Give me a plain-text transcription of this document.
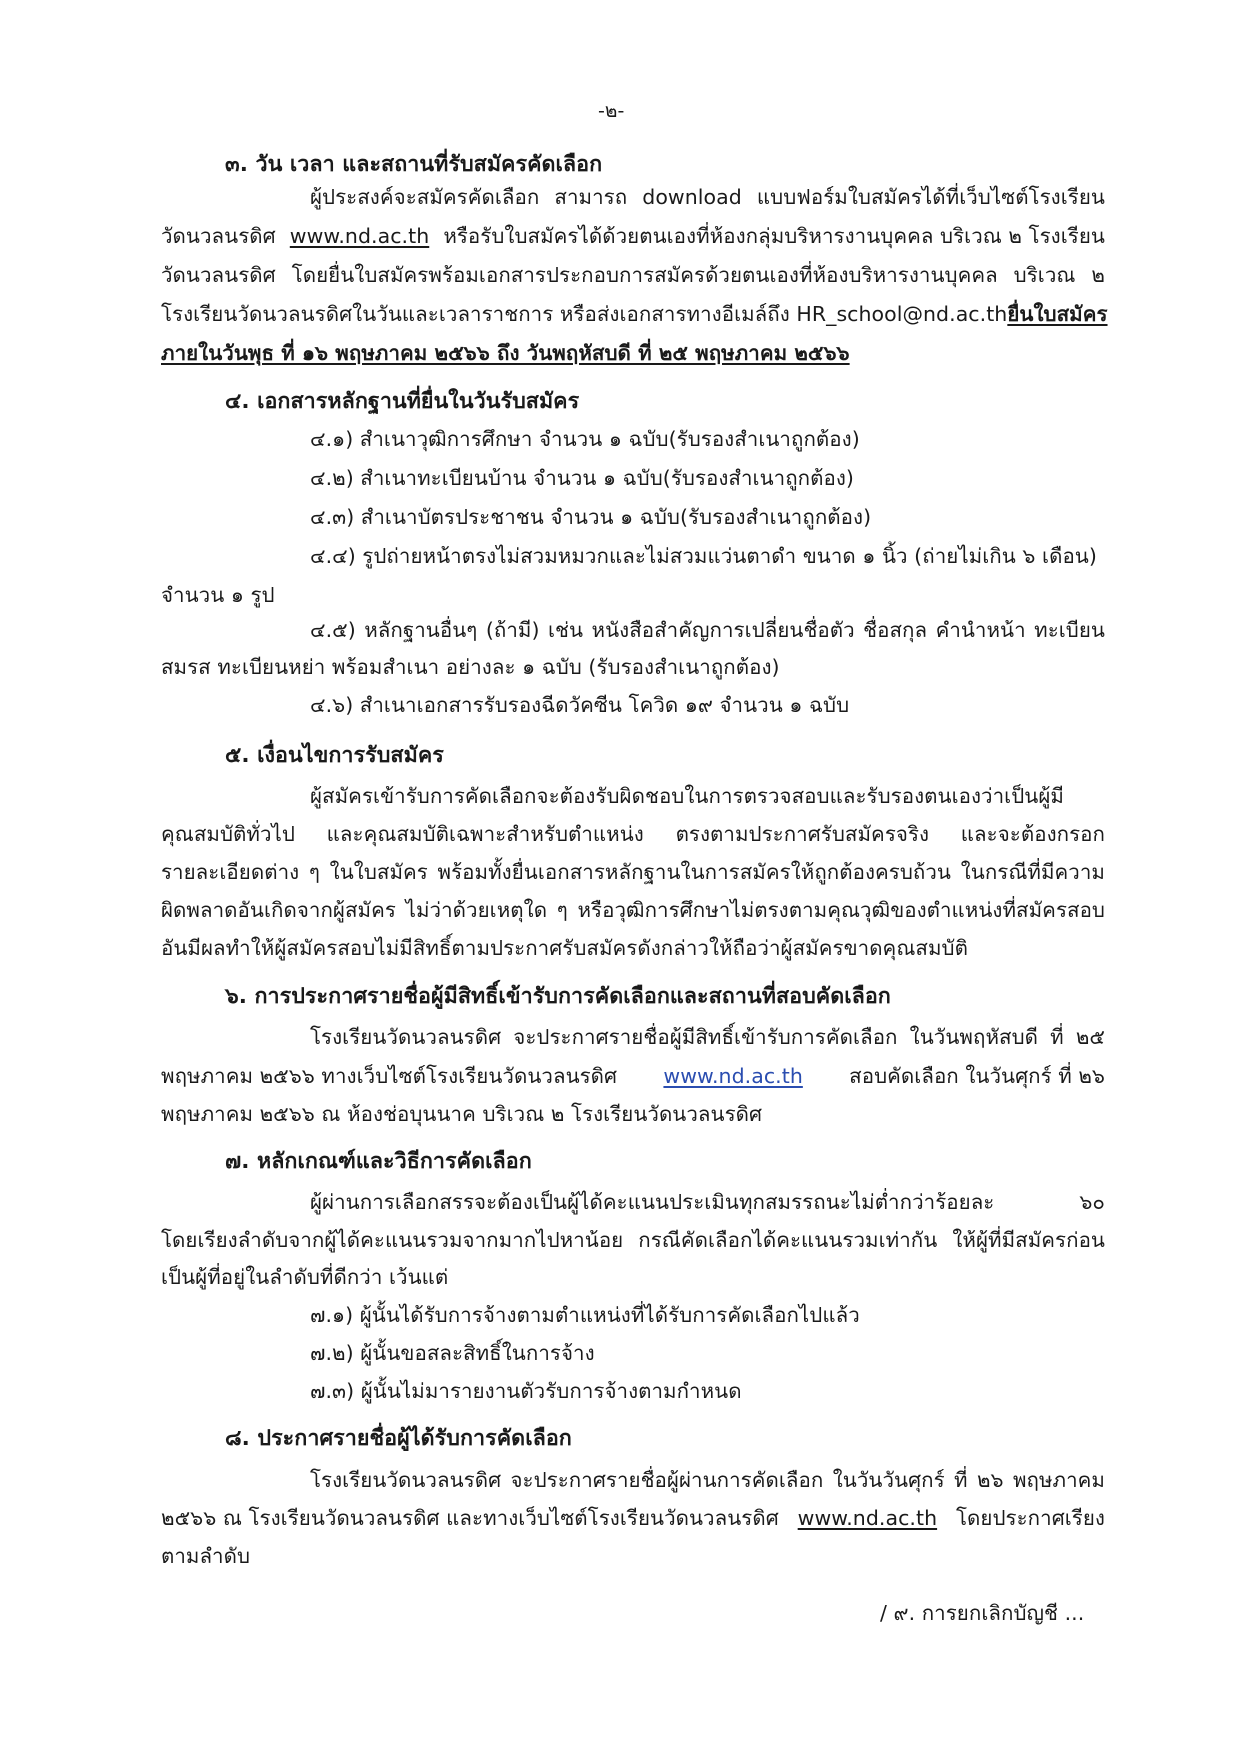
-๒-
๓. วัน เวลา และสถานที่รับสมัครคัดเลือก
ผู้ประสงค์จะสมัครคัดเลือก สามารถ download แบบฟอร์มใบสมัครได้ที่เว็บไซต์โรงเรียน
วัดนวลนรดิศ www.nd.ac.th หรือรับใบสมัครได้ด้วยตนเองที่ห้องกลุ่มบริหารงานบุคคล บริเวณ ๒ โรงเรียน
วัดนวลนรดิศ โดยยื่นใบสมัครพร้อมเอกสารประกอบการสมัครด้วยตนเองที่ห้องบริหารงานบุคคล บริเวณ ๒
โรงเรียนวัดนวลนรดิศในวันและเวลาราชการ หรือส่งเอกสารทางอีเมล์ถึง HR_school@nd.ac.th ยื่นใบสมัคร
ภายในวันพุธ ที่ ๑๖ พฤษภาคม ๒๕๖๖ ถึง วันพฤหัสบดี ที่ ๒๕ พฤษภาคม ๒๕๖๖
๔. เอกสารหลักฐานที่ยื่นในวันรับสมัคร
๔.๑) สำเนาวุฒิการศึกษา จำนวน ๑ ฉบับ(รับรองสำเนาถูกต้อง)
๔.๒) สำเนาทะเบียนบ้าน จำนวน ๑ ฉบับ(รับรองสำเนาถูกต้อง)
๔.๓) สำเนาบัตรประชาชน จำนวน ๑ ฉบับ(รับรองสำเนาถูกต้อง)
๔.๔) รูปถ่ายหน้าตรงไม่สวมหมวกและไม่สวมแว่นตาดำ ขนาด ๑ นิ้ว (ถ่ายไม่เกิน ๖ เดือน)
จำนวน ๑ รูป
๔.๕) หลักฐานอื่นๆ (ถ้ามี) เช่น หนังสือสำคัญการเปลี่ยนชื่อตัว ชื่อสกุล คำนำหน้า ทะเบียน
สมรส ทะเบียนหย่า พร้อมสำเนา อย่างละ ๑ ฉบับ (รับรองสำเนาถูกต้อง)
๔.๖) สำเนาเอกสารรับรองฉีดวัคซีน โควิด ๑๙ จำนวน ๑ ฉบับ
๕. เงื่อนไขการรับสมัคร
ผู้สมัครเข้ารับการคัดเลือกจะต้องรับผิดชอบในการตรวจสอบและรับรองตนเองว่าเป็นผู้มี
คุณสมบัติทั่วไป และคุณสมบัติเฉพาะสำหรับตำแหน่ง ตรงตามประกาศรับสมัครจริง และจะต้องกรอก
รายละเอียดต่าง ๆ ในใบสมัคร พร้อมทั้งยื่นเอกสารหลักฐานในการสมัครให้ถูกต้องครบถ้วน ในกรณีที่มีความ
ผิดพลาดอันเกิดจากผู้สมัคร ไม่ว่าด้วยเหตุใด ๆ หรือวุฒิการศึกษาไม่ตรงตามคุณวุฒิของตำแหน่งที่สมัครสอบ
อันมีผลทำให้ผู้สมัครสอบไม่มีสิทธิ์ตามประกาศรับสมัครดังกล่าวให้ถือว่าผู้สมัครขาดคุณสมบัติ
๖. การประกาศรายชื่อผู้มีสิทธิ์เข้ารับการคัดเลือกและสถานที่สอบคัดเลือก
โรงเรียนวัดนวลนรดิศ จะประกาศรายชื่อผู้มีสิทธิ์เข้ารับการคัดเลือก ในวันพฤหัสบดี ที่ ๒๕
พฤษภาคม ๒๕๖๖ ทางเว็บไซต์โรงเรียนวัดนวลนรดิศ www.nd.ac.th สอบคัดเลือก ในวันศุกร์ ที่ ๒๖
พฤษภาคม ๒๕๖๖ ณ ห้องช่อบุนนาค บริเวณ ๒ โรงเรียนวัดนวลนรดิศ
๗. หลักเกณฑ์และวิธีการคัดเลือก
ผู้ผ่านการเลือกสรรจะต้องเป็นผู้ได้คะแนนประเมินทุกสมรรถนะไม่ต่ำกว่าร้อยละ ๖๐
โดยเรียงลำดับจากผู้ได้คะแนนรวมจากมากไปหาน้อย กรณีคัดเลือกได้คะแนนรวมเท่ากัน ให้ผู้ที่มีสมัครก่อน
เป็นผู้ที่อยู่ในลำดับที่ดีกว่า เว้นแต่
๗.๑) ผู้นั้นได้รับการจ้างตามตำแหน่งที่ได้รับการคัดเลือกไปแล้ว
๗.๒) ผู้นั้นขอสละสิทธิ์ในการจ้าง
๗.๓) ผู้นั้นไม่มารายงานตัวรับการจ้างตามกำหนด
๘. ประกาศรายชื่อผู้ได้รับการคัดเลือก
โรงเรียนวัดนวลนรดิศ จะประกาศรายชื่อผู้ผ่านการคัดเลือก ในวันวันศุกร์ ที่ ๒๖ พฤษภาคม
๒๕๖๖ ณ โรงเรียนวัดนวลนรดิศ และทางเว็บไซต์โรงเรียนวัดนวลนรดิศ www.nd.ac.th โดยประกาศเรียง
ตามลำดับ
/ ๙. การยกเลิกบัญชี ...
